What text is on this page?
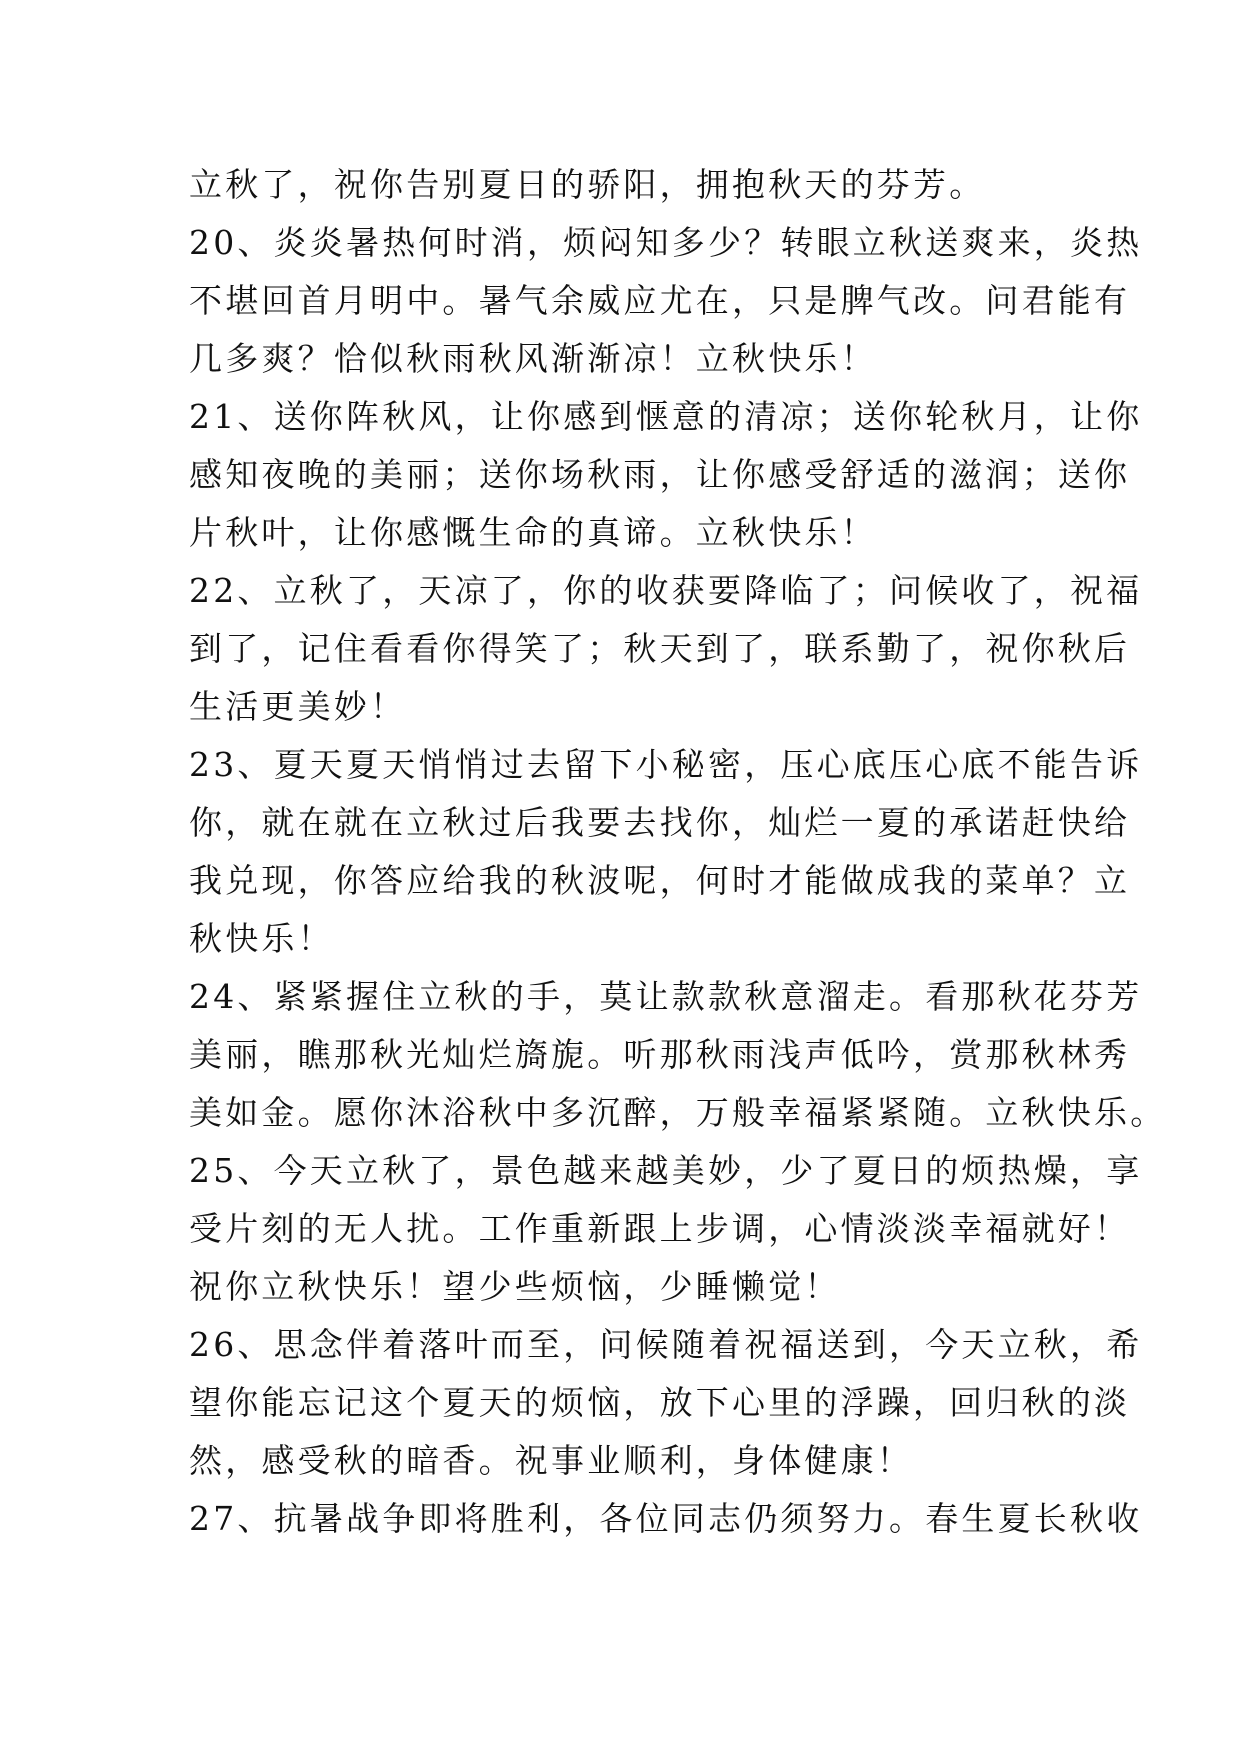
立秋了，祝你告别夏日的骄阳，拥抱秋天的芬芳。
20、炎炎暑热何时消，烦闷知多少？转眼立秋送爽来，炎热
不堪回首月明中。暑气余威应尤在，只是脾气改。问君能有
几多爽？恰似秋雨秋风渐渐凉！立秋快乐！
21、送你阵秋风，让你感到惬意的清凉；送你轮秋月，让你
感知夜晚的美丽；送你场秋雨，让你感受舒适的滋润；送你
片秋叶，让你感慨生命的真谛。立秋快乐！
22、立秋了，天凉了，你的收获要降临了；问候收了，祝福
到了，记住看看你得笑了；秋天到了，联系勤了，祝你秋后
生活更美妙！
23、夏天夏天悄悄过去留下小秘密，压心底压心底不能告诉
你，就在就在立秋过后我要去找你，灿烂一夏的承诺赶快给
我兑现，你答应给我的秋波呢，何时才能做成我的菜单？立
秋快乐！
24、紧紧握住立秋的手，莫让款款秋意溜走。看那秋花芬芳
美丽，瞧那秋光灿烂旖旎。听那秋雨浅声低吟，赏那秋林秀
美如金。愿你沐浴秋中多沉醉，万般幸福紧紧随。立秋快乐。
25、今天立秋了，景色越来越美妙，少了夏日的烦热燥，享
受片刻的无人扰。工作重新跟上步调，心情淡淡幸福就好！
祝你立秋快乐！望少些烦恼，少睡懒觉！
26、思念伴着落叶而至，问候随着祝福送到，今天立秋，希
望你能忘记这个夏天的烦恼，放下心里的浮躁，回归秋的淡
然，感受秋的暗香。祝事业顺利，身体健康！
27、抗暑战争即将胜利，各位同志仍须努力。春生夏长秋收
